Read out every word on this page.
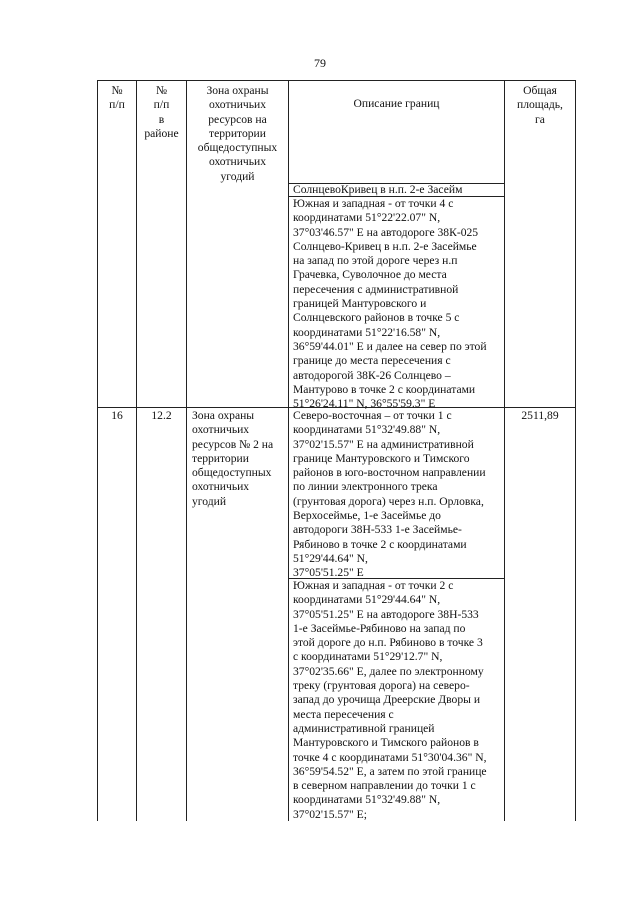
79
№
п/п
№
п/п
в
районе
Зона охраны
охотничьих
ресурсов на
территории
общедоступных
охотничьих
угодий
Описание границ
Общая
площадь,
га
СолнцевоКривец в н.п. 2-е Засейм
Южная и западная - от точки 4 с
координатами 51°22'22.07" N,
37°03'46.57" E на автодороге 38К-025
Солнцево-Кривец в н.п. 2-е Засеймье
на запад по этой дороге через н.п
Грачевка, Суволочное до места
пересечения с административной
границей Мантуровского и
Солнцевского районов в точке 5 с
координатами 51°22'16.58" N,
36°59'44.01" E и далее на север по этой
границе до места пересечения с
автодорогой 38К-26 Солнцево –
Мантурово в точке 2 с координатами
51°26'24.11" N, 36°55'59.3" E
16	12.2	Зона охраны
охотничьих
ресурсов № 2 на
территории
общедоступных
охотничьих
угодий
2511,89
Северо-восточная – от точки 1 с
координатами 51°32'49.88" N,
37°02'15.57" E на административной
границе Мантуровского и Тимского
районов в юго-восточном направлении
по линии электронного трека
(грунтовая дорога) через н.п. Орловка,
Верхосеймье, 1-е Засеймье до
автодороги 38Н-533 1-е Засеймье-
Рябиново в точке 2 с координатами
51°29'44.64" N,
37°05'51.25" E
Южная и западная - от точки 2 с
координатами 51°29'44.64" N,
37°05'51.25" E на автодороге 38Н-533
1-е Засеймье-Рябиново на запад по
этой дороге до н.п. Рябиново в точке 3
с координатами 51°29'12.7" N,
37°02'35.66" E, далее по электронному
треку (грунтовая дорога) на северо-
запад до урочища Дреерские Дворы и
места пересечения с
административной границей
Мантуровского и Тимского районов в
точке 4 с координатами 51°30'04.36" N,
36°59'54.52" E, а затем по этой границе
в северном направлении до точки 1 с
координатами 51°32'49.88" N,
37°02'15.57" E;
